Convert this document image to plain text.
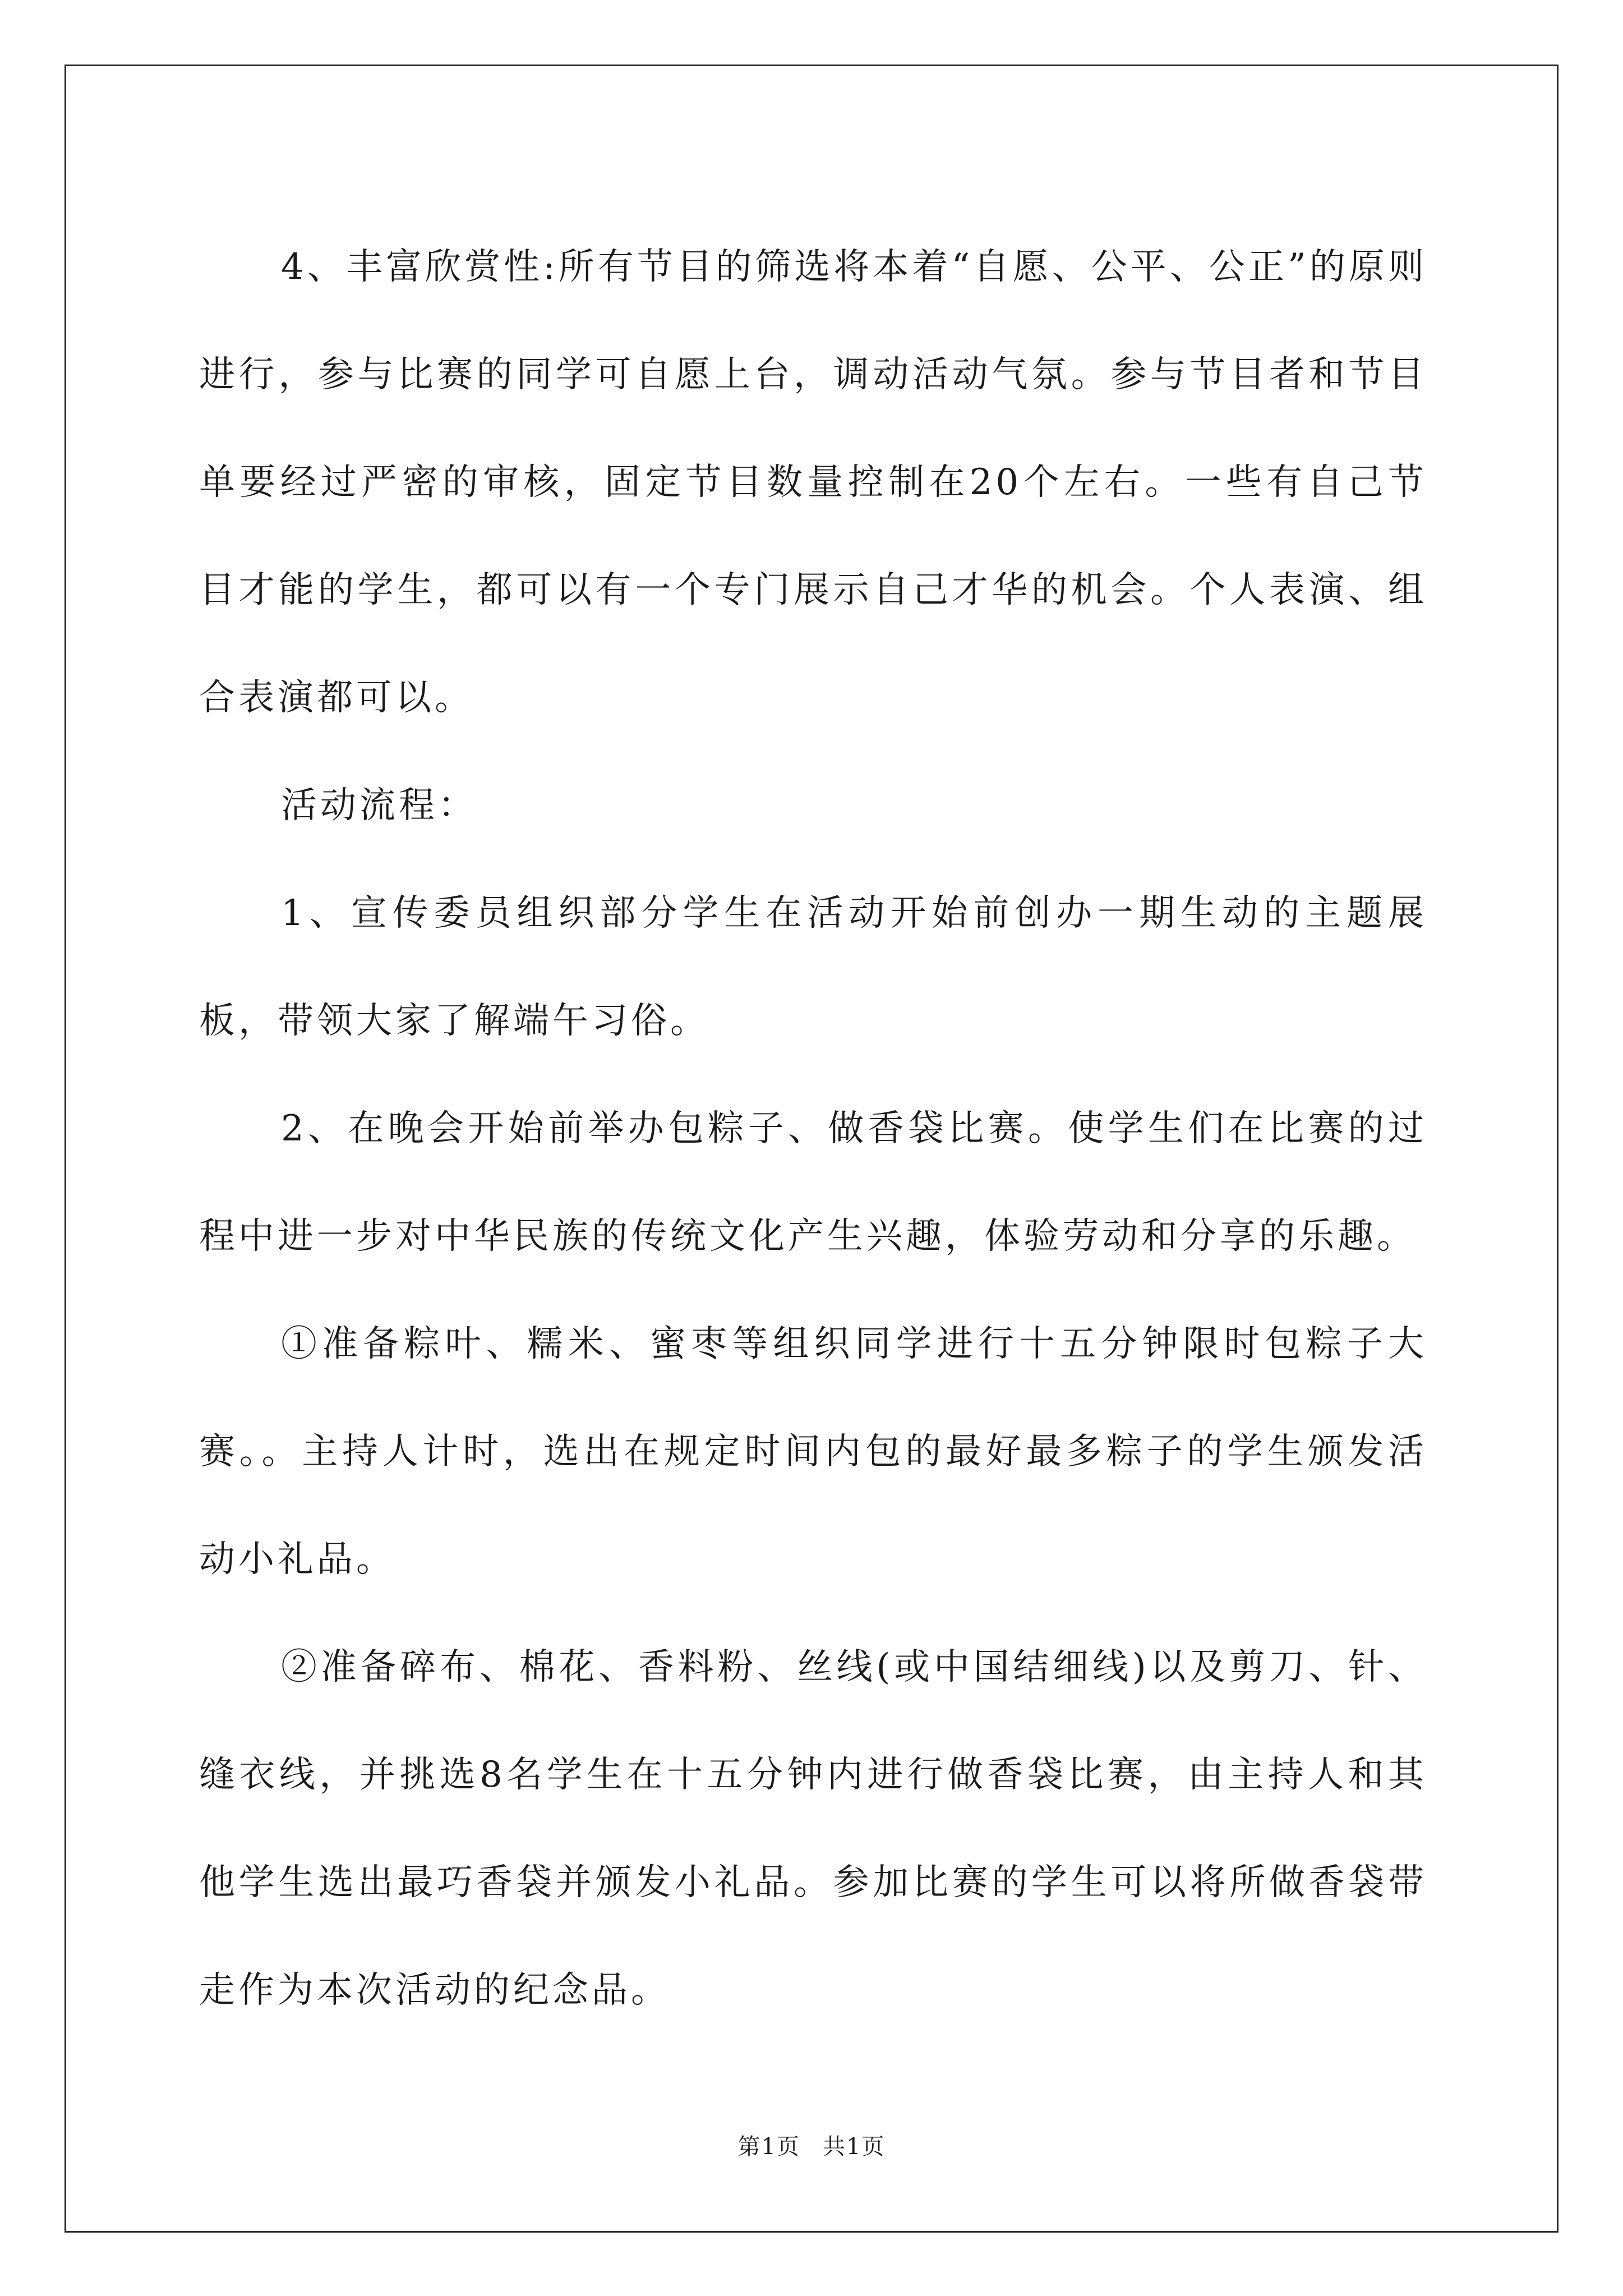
4、丰富欣赏性:所有节目的筛选将本着“自愿、公平、公正”的原则进行，参与比赛的同学可自愿上台，调动活动气氛。参与节目者和节目单要经过严密的审核，固定节目数量控制在20个左右。一些有自己节目才能的学生，都可以有一个专门展示自己才华的机会。个人表演、组合表演都可以。

活动流程：

1、宣传委员组织部分学生在活动开始前创办一期生动的主题展板，带领大家了解端午习俗。

2、在晚会开始前举办包粽子、做香袋比赛。使学生们在比赛的过程中进一步对中华民族的传统文化产生兴趣，体验劳动和分享的乐趣。

①准备粽叶、糯米、蜜枣等组织同学进行十五分钟限时包粽子大赛。。主持人计时，选出在规定时间内包的最好最多粽子的学生颁发活动小礼品。

②准备碎布、棉花、香料粉、丝线(或中国结细线)以及剪刀、针、缝衣线，并挑选8名学生在十五分钟内进行做香袋比赛，由主持人和其他学生选出最巧香袋并颁发小礼品。参加比赛的学生可以将所做香袋带走作为本次活动的纪念品。

第1页 共1页
